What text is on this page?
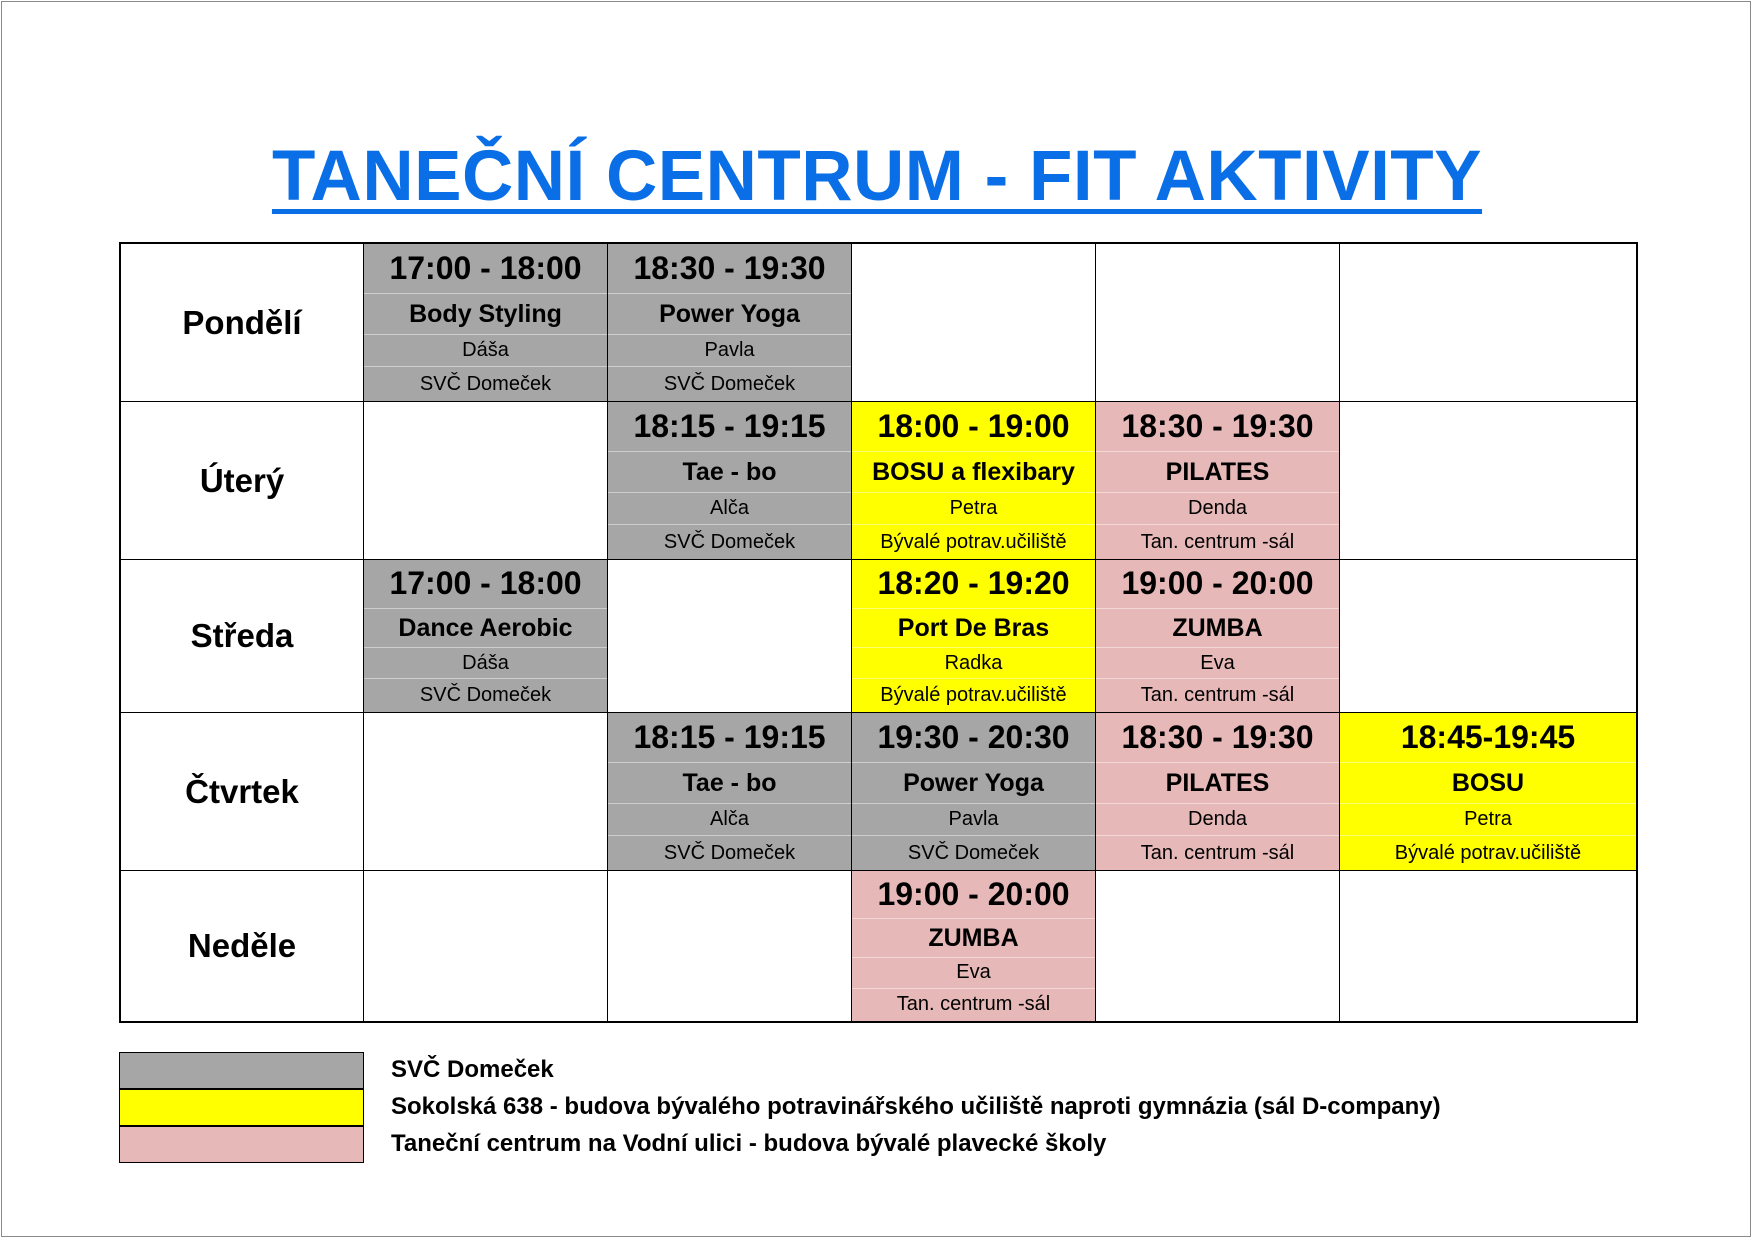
TANEČNÍ CENTRUM - FIT AKTIVITY
Pondělí
17:00 - 18:00
Body Styling
Dáša
SVČ Domeček
18:30 - 19:30
Power Yoga
Pavla
SVČ Domeček
Úterý
18:15 - 19:15
Tae - bo
Alča
SVČ Domeček
18:00 - 19:00
BOSU a flexibary
Petra
Bývalé potrav.učiliště
18:30 - 19:30
PILATES
Denda
Tan. centrum -sál
Středa
17:00 - 18:00
Dance Aerobic
Dáša
SVČ Domeček
18:20 - 19:20
Port De Bras
Radka
Bývalé potrav.učiliště
19:00 - 20:00
ZUMBA
Eva
Tan. centrum -sál
Čtvrtek
18:15 - 19:15
Tae - bo
Alča
SVČ Domeček
19:30 - 20:30
Power Yoga
Pavla
SVČ Domeček
18:30 - 19:30
PILATES
Denda
Tan. centrum -sál
18:45-19:45
BOSU
Petra
Bývalé potrav.učiliště
Neděle
19:00 - 20:00
ZUMBA
Eva
Tan. centrum -sál
SVČ Domeček
Sokolská 638 - budova bývalého potravinářského učiliště naproti gymnázia (sál D-company)
Taneční centrum na Vodní ulici - budova bývalé plavecké školy
